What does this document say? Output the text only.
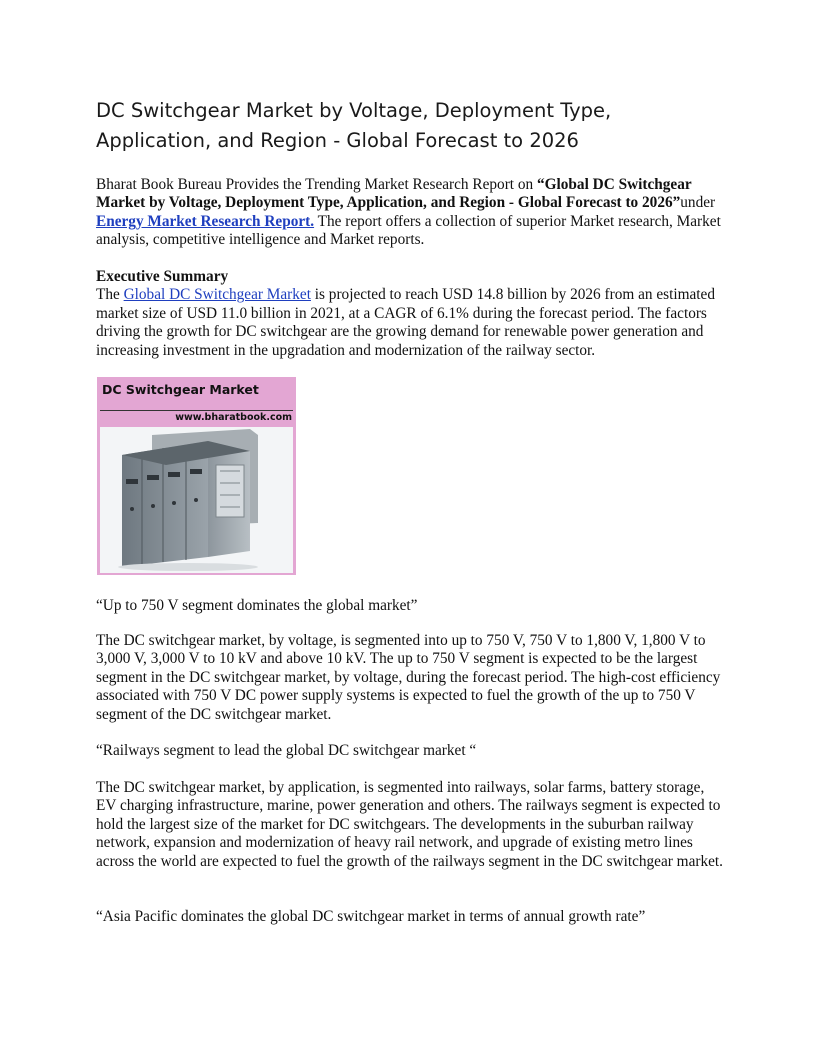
DC Switchgear Market by Voltage, Deployment Type, Application, and Region - Global Forecast to 2026

Bharat Book Bureau Provides the Trending Market Research Report on “Global DC Switchgear Market by Voltage, Deployment Type, Application, and Region - Global Forecast to 2026”under Energy Market Research Report. The report offers a collection of superior Market research, Market analysis, competitive intelligence and Market reports.

Executive Summary
The Global DC Switchgear Market is projected to reach USD 14.8 billion by 2026 from an estimated market size of USD 11.0 billion in 2021, at a CAGR of 6.1% during the forecast period. The factors driving the growth for DC switchgear are the growing demand for renewable power generation and increasing investment in the upgradation and modernization of the railway sector.
DC Switchgear Market
www.bharatbook.com

“Up to 750 V segment dominates the global market”

The DC switchgear market, by voltage, is segmented into up to 750 V, 750 V to 1,800 V, 1,800 V to 3,000 V, 3,000 V to 10 kV and above 10 kV. The up to 750 V segment is expected to be the largest segment in the DC switchgear market, by voltage, during the forecast period. The high-cost efficiency associated with 750 V DC power supply systems is expected to fuel the growth of the up to 750 V segment of the DC switchgear market.

“Railways segment to lead the global DC switchgear market “

The DC switchgear market, by application, is segmented into railways, solar farms, battery storage, EV charging infrastructure, marine, power generation and others. The railways segment is expected to hold the largest size of the market for DC switchgears. The developments in the suburban railway network, expansion and modernization of heavy rail network, and upgrade of existing metro lines across the world are expected to fuel the growth of the railways segment in the DC switchgear market.

“Asia Pacific dominates the global DC switchgear market in terms of annual growth rate”
